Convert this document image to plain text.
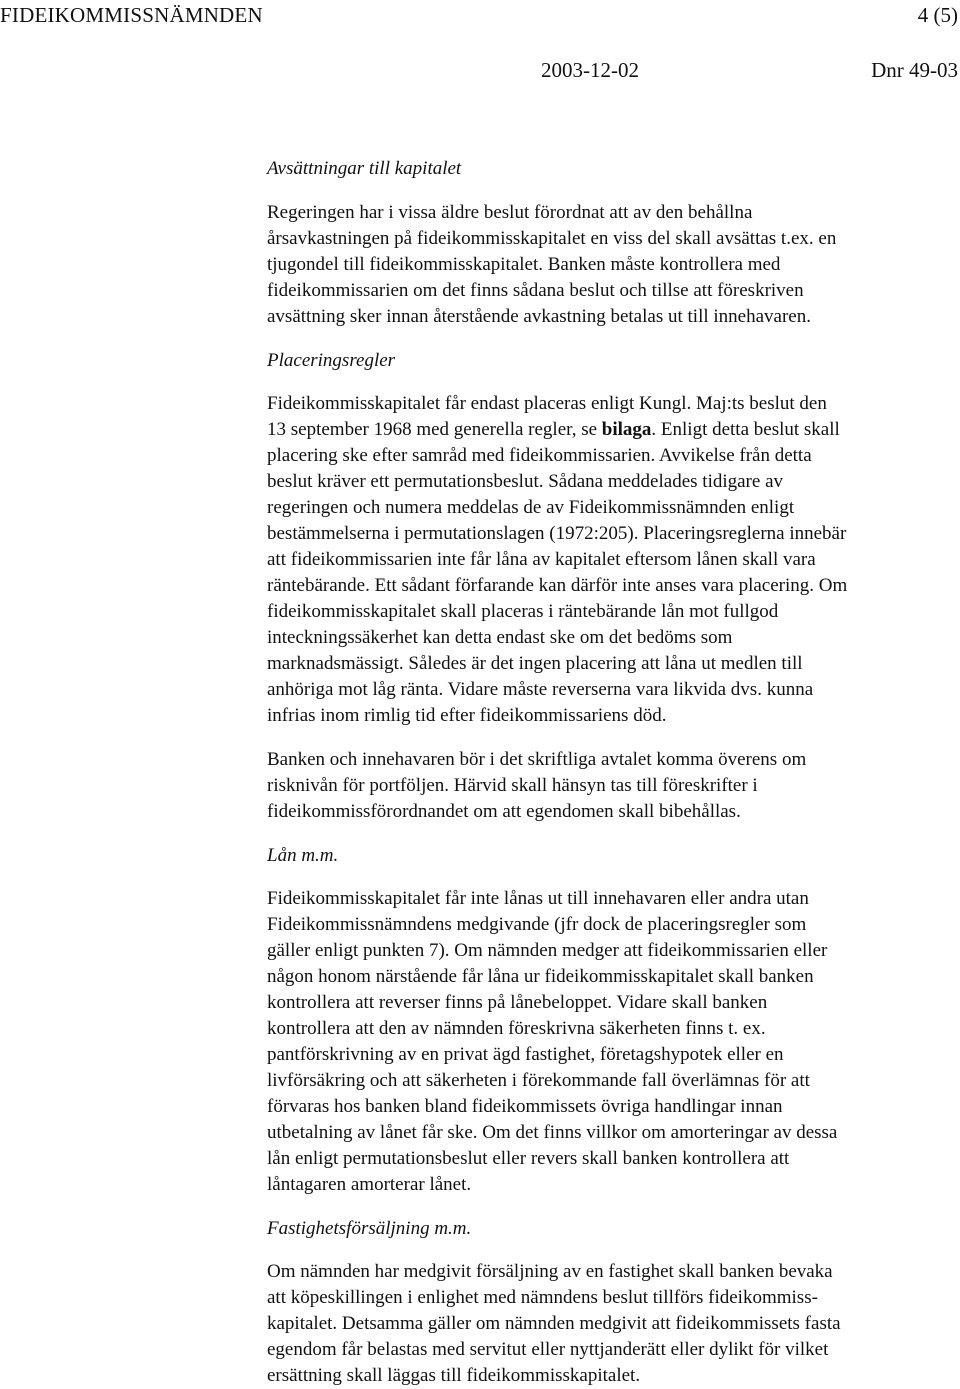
FIDEIKOMMISSNÄMNDEN	4 (5)
2003-12-02	Dnr 49-03

Avsättningar till kapitalet

Regeringen har i vissa äldre beslut förordnat att av den behållna
årsavkastningen på fideikommisskapitalet en viss del skall avsättas t.ex. en
tjugondel till fideikommisskapitalet. Banken måste kontrollera med
fideikommissarien om det finns sådana beslut och tillse att föreskriven
avsättning sker innan återstående avkastning betalas ut till innehavaren.

Placeringsregler

Fideikommisskapitalet får endast placeras enligt Kungl. Maj:ts beslut den
13 september 1968 med generella regler, se bilaga. Enligt detta beslut skall
placering ske efter samråd med fideikommissarien. Avvikelse från detta
beslut kräver ett permutationsbeslut. Sådana meddelades tidigare av
regeringen och numera meddelas de av Fideikommissnämnden enligt
bestämmelserna i permutationslagen (1972:205). Placeringsreglerna innebär
att fideikommissarien inte får låna av kapitalet eftersom lånen skall vara
räntebärande. Ett sådant förfarande kan därför inte anses vara placering. Om
fideikommisskapitalet skall placeras i räntebärande lån mot fullgod
inteckningssäkerhet kan detta endast ske om det bedöms som
marknadsmässigt. Således är det ingen placering att låna ut medlen till
anhöriga mot låg ränta. Vidare måste reverserna vara likvida dvs. kunna
infrias inom rimlig tid efter fideikommissariens död.

Banken och innehavaren bör i det skriftliga avtalet komma överens om
risknivån för portföljen. Härvid skall hänsyn tas till föreskrifter i
fideikommissförordnandet om att egendomen skall bibehållas.

Lån m.m.

Fideikommisskapitalet får inte lånas ut till innehavaren eller andra utan
Fideikommissnämndens medgivande (jfr dock de placeringsregler som
gäller enligt punkten 7). Om nämnden medger att fideikommissarien eller
någon honom närstående får låna ur fideikommisskapitalet skall banken
kontrollera att reverser finns på lånebeloppet. Vidare skall banken
kontrollera att den av nämnden föreskrivna säkerheten finns t. ex.
pantförskrivning av en privat ägd fastighet, företagshypotek eller en
livförsäkring och att säkerheten i förekommande fall överlämnas för att
förvaras hos banken bland fideikommissets övriga handlingar innan
utbetalning av lånet får ske. Om det finns villkor om amorteringar av dessa
lån enligt permutationsbeslut eller revers skall banken kontrollera att
låntagaren amorterar lånet.

Fastighetsförsäljning m.m.

Om nämnden har medgivit försäljning av en fastighet skall banken bevaka
att köpeskillingen i enlighet med nämndens beslut tillförs fideikommiss-
kapitalet. Detsamma gäller om nämnden medgivit att fideikommissets fasta
egendom får belastas med servitut eller nyttjanderätt eller dylikt för vilket
ersättning skall läggas till fideikommisskapitalet.
